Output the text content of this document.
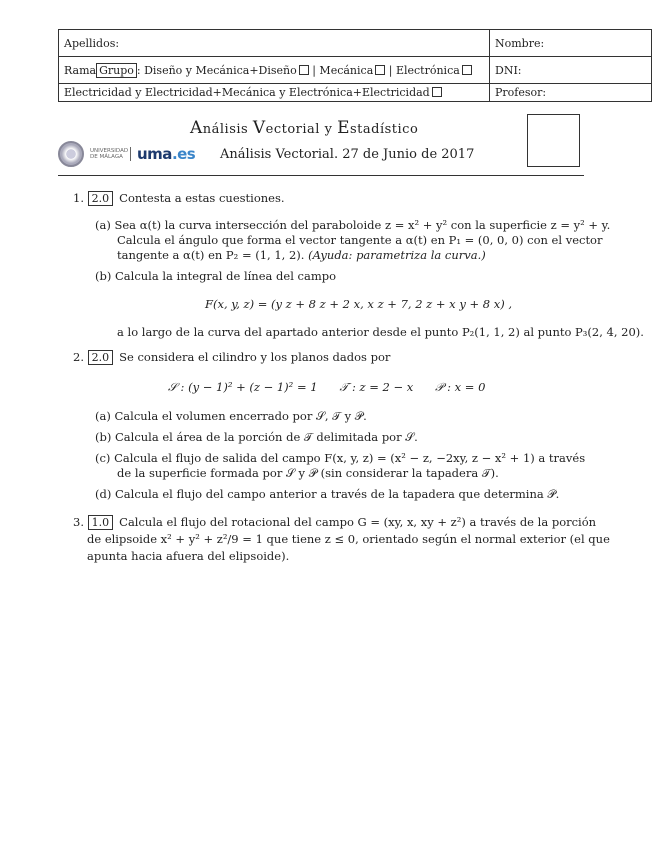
Apellidos:	Nombre:
Rama Grupo : Diseño y Mecánica+Diseño | Mecánica | Electrónica	DNI:
Electricidad y Electricidad+Mecánica y Electrónica+Electricidad	Profesor:
Análisis Vectorial y Estadístico
Análisis Vectorial. 27 de Junio de 2017
UNIVERSIDAD DE MÁLAGA uma.es
1. 2.0 Contesta a estas cuestiones.
(a) Sea α(t) la curva intersección del paraboloide z = x² + y² con la superficie z = y² + y.
Calcula el ángulo que forma el vector tangente a α(t) en P₁ = (0, 0, 0) con el vector
tangente a α(t) en P₂ = (1, 1, 2). (Ayuda: parametriza la curva.)
(b) Calcula la integral de línea del campo
F(x, y, z) = (y z + 8 z + 2 x, x z + 7, 2 z + x y + 8 x) ,
a lo largo de la curva del apartado anterior desde el punto P₂(1, 1, 2) al punto P₃(2, 4, 20).
2. 2.0 Se considera el cilindro y los planos dados por
𝒮 : (y − 1)² + (z − 1)² = 1      𝒯 : z = 2 − x      𝒫 : x = 0
(a) Calcula el volumen encerrado por 𝒮, 𝒯 y 𝒫.
(b) Calcula el área de la porción de 𝒯 delimitada por 𝒮.
(c) Calcula el flujo de salida del campo F(x, y, z) = (x² − z, −2xy, z − x² + 1) a través
de la superficie formada por 𝒮 y 𝒫 (sin considerar la tapadera 𝒯).
(d) Calcula el flujo del campo anterior a través de la tapadera que determina 𝒫.
3. 1.0 Calcula el flujo del rotacional del campo G = (xy, x, xy + z²) a través de la porción
de elipsoide x² + y² + z²/9 = 1 que tiene z ≤ 0, orientado según el normal exterior (el que
apunta hacia afuera del elipsoide).
